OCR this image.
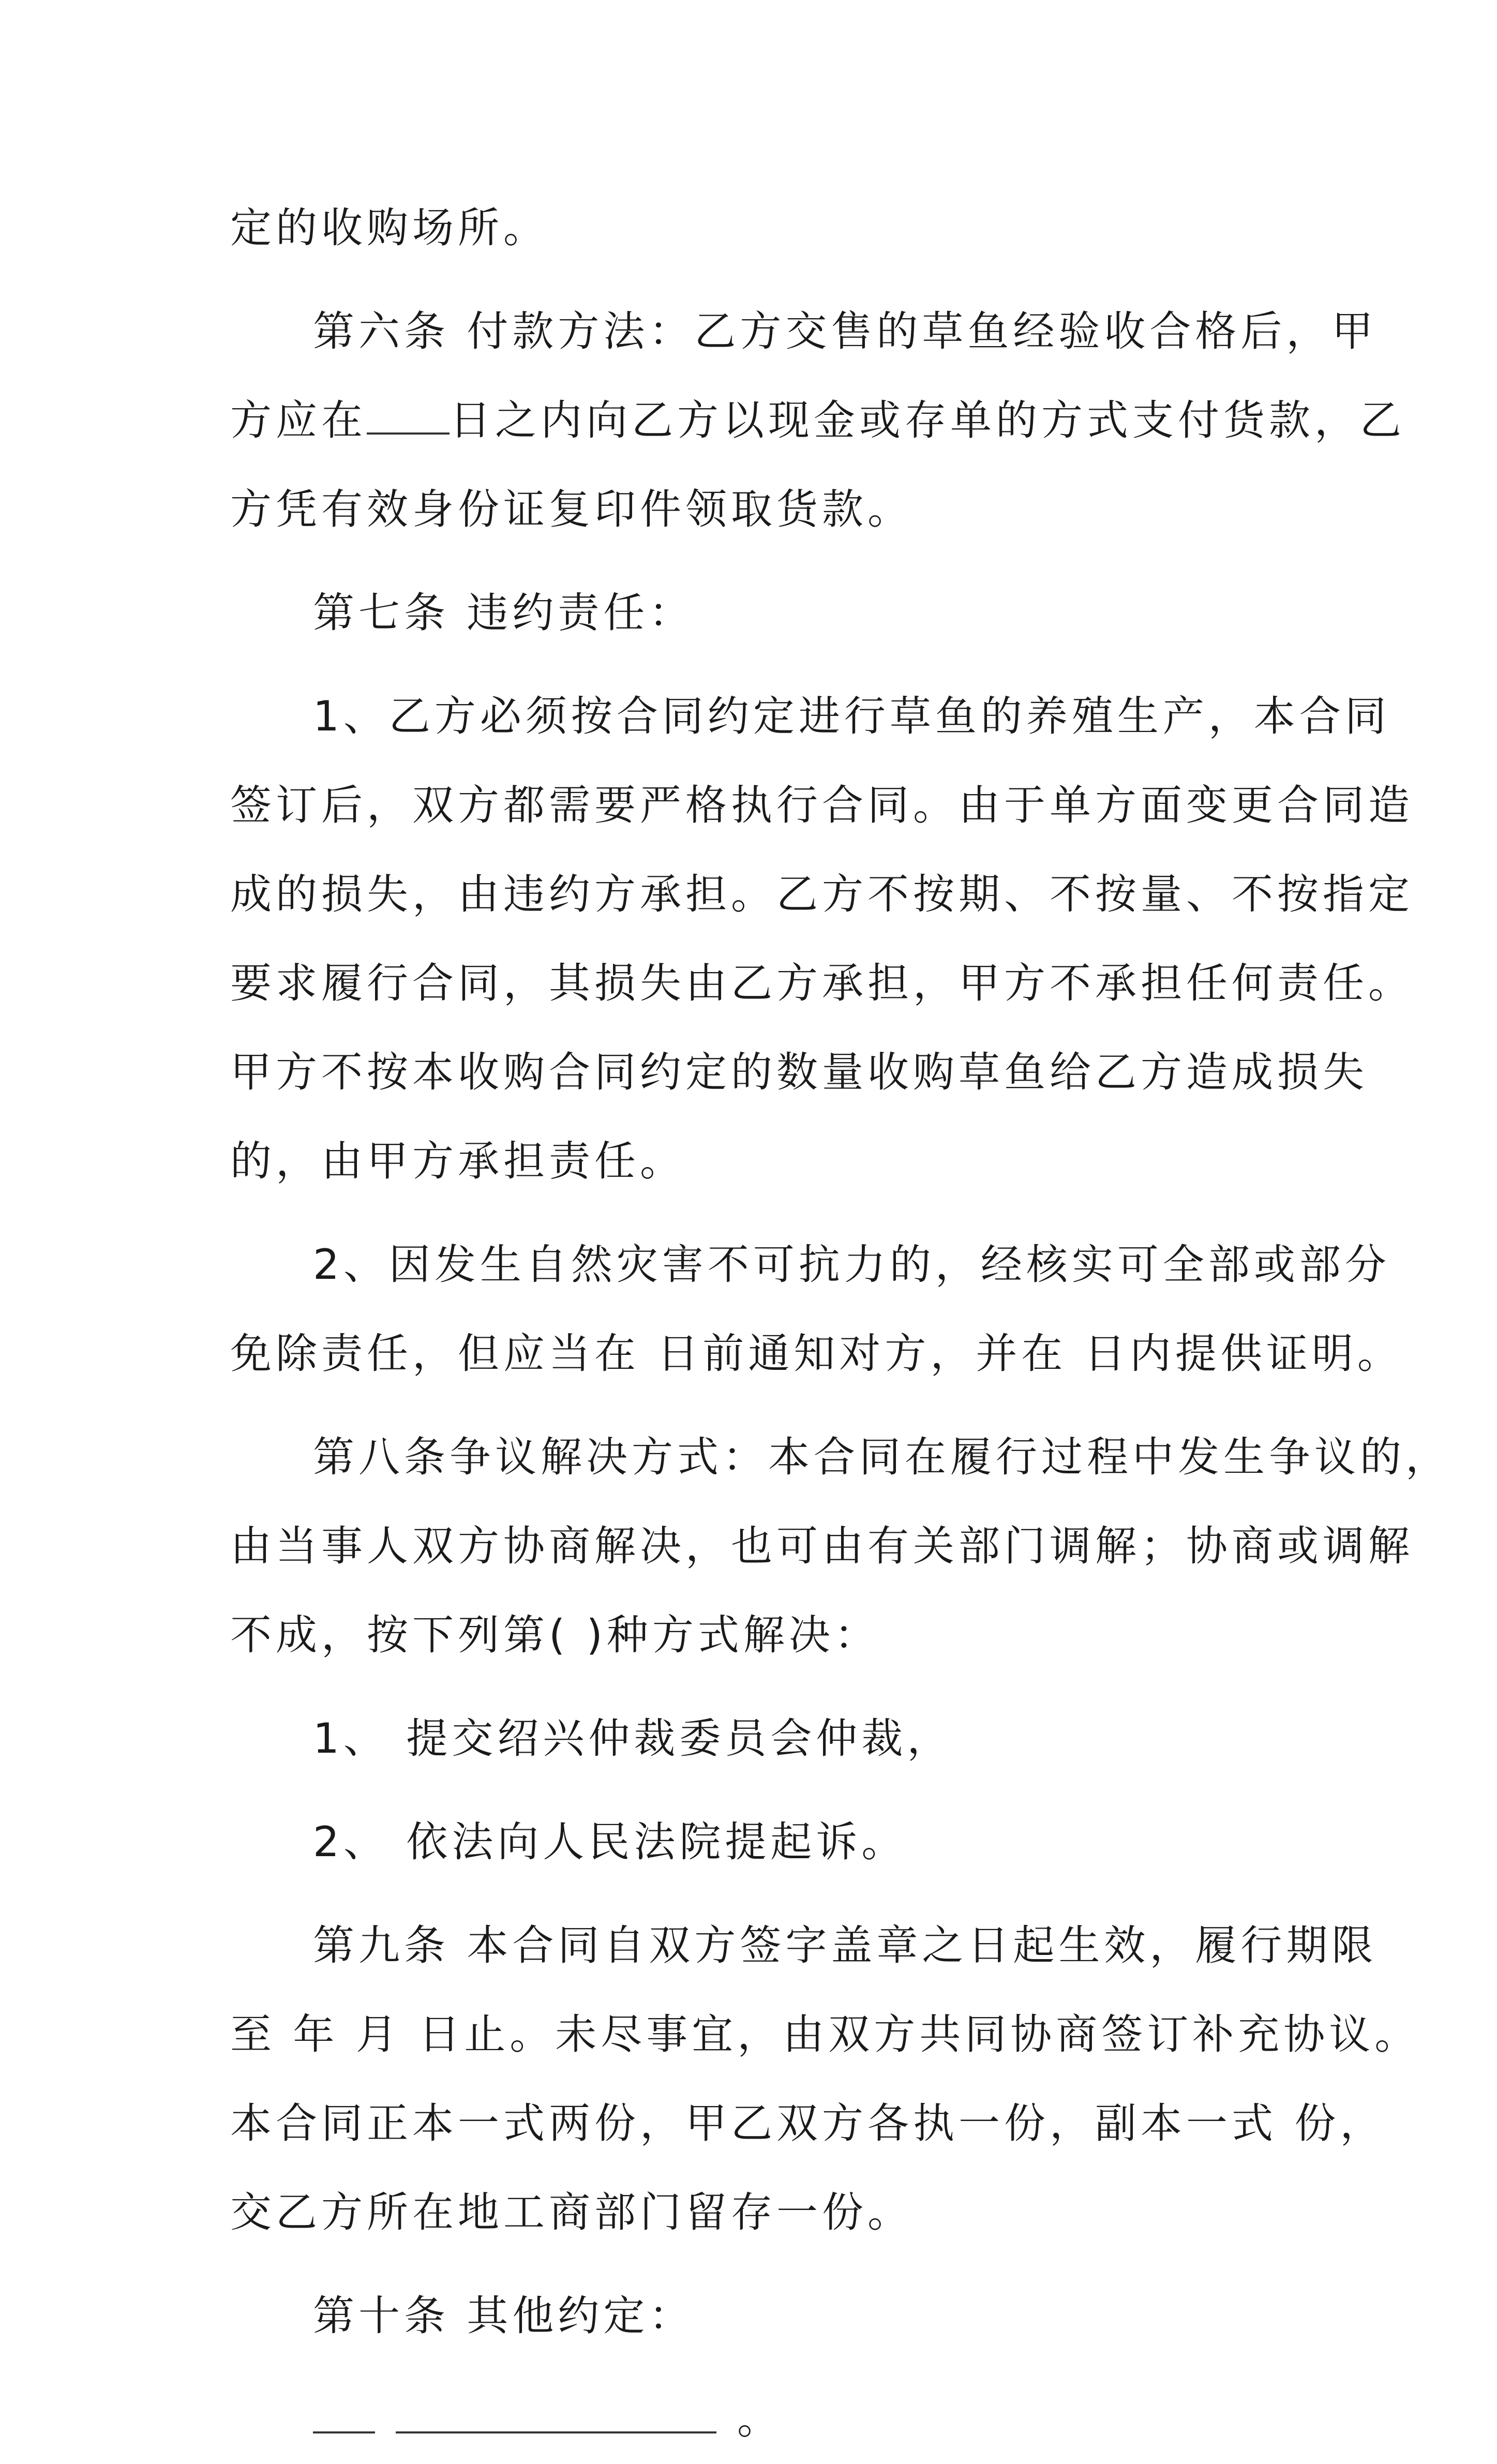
定的收购场所。

第六条 付款方法：乙方交售的草鱼经验收合格后，甲

方应在 日之内向乙方以现金或存单的方式支付货款，乙

方凭有效身份证复印件领取货款。

第七条 违约责任：

1、乙方必须按合同约定进行草鱼的养殖生产，本合同

签订后，双方都需要严格执行合同。由于单方面变更合同造

成的损失，由违约方承担。乙方不按期、不按量、不按指定

要求履行合同，其损失由乙方承担，甲方不承担任何责任。

甲方不按本收购合同约定的数量收购草鱼给乙方造成损失

的，由甲方承担责任。

2、因发生自然灾害不可抗力的，经核实可全部或部分

免除责任，但应当在 日前通知对方，并在 日内提供证明。

第八条争议解决方式：本合同在履行过程中发生争议的，

由当事人双方协商解决，也可由有关部门调解；协商或调解

不成，按下列第( )种方式解决：

1、 提交绍兴仲裁委员会仲裁，

2、 依法向人民法院提起诉。

第九条 本合同自双方签字盖章之日起生效，履行期限

至 年 月 日止。未尽事宜，由双方共同协商签订补充协议。

本合同正本一式两份，甲乙双方各执一份，副本一式 份，

交乙方所在地工商部门留存一份。

第十条 其他约定：

。
